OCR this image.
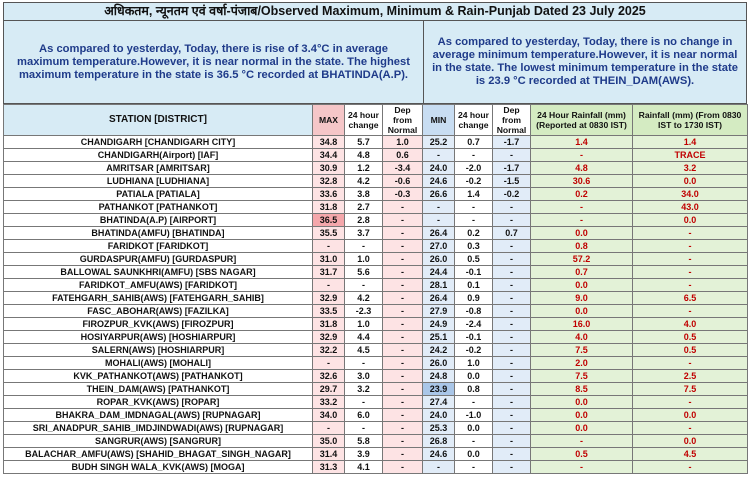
अधिकतम, न्यूनतम एवं वर्षा-पंजाब/Observed Maximum, Minimum & Rain-Punjab Dated 23 July 2025
As compared to yesterday, Today, there is rise of 3.4°C in average maximum temperature.However, it is near normal in the state. The highest maximum temperature in the state is 36.5 °C recorded at BHATINDA(A.P).
As compared to yesterday, Today, there is no change in average minimum temperature.However, it is near normal in the state. The lowest minimum temperature in the state is 23.9 °C recorded at THEIN_DAM(AWS).
STATION [DISTRICT]	MAX	24 hour change	Dep from Normal	MIN	24 hour change	Dep from Normal	24 Hour Rainfall (mm) (Reported at 0830 IST)	Rainfall (mm) (From 0830 IST to 1730 IST)
CHANDIGARH [CHANDIGARH CITY]	34.8	5.7	1.0	25.2	0.7	-1.7	1.4	1.4
CHANDIGARH(Airport) [IAF]	34.4	4.8	0.6	-	-	-	-	TRACE
AMRITSAR [AMRITSAR]	30.9	1.2	-3.4	24.0	-2.0	-1.7	4.8	3.2
LUDHIANA [LUDHIANA]	32.8	4.2	-0.6	24.6	-0.2	-1.5	30.6	0.0
PATIALA [PATIALA]	33.6	3.8	-0.3	26.6	1.4	-0.2	0.2	34.0
PATHANKOT [PATHANKOT]	31.8	2.7	-	-	-	-	-	43.0
BHATINDA(A.P) [AIRPORT]	36.5	2.8	-	-	-	-	-	0.0
BHATINDA(AMFU) [BHATINDA]	35.5	3.7	-	26.4	0.2	0.7	0.0	-
FARIDKOT [FARIDKOT]	-	-	-	27.0	0.3	-	0.8	-
GURDASPUR(AMFU) [GURDASPUR]	31.0	1.0	-	26.0	0.5	-	57.2	-
BALLOWAL SAUNKHRI(AMFU) [SBS NAGAR]	31.7	5.6	-	24.4	-0.1	-	0.7	-
FARIDKOT_AMFU(AWS) [FARIDKOT]	-	-	-	28.1	0.1	-	0.0	-
FATEHGARH_SAHIB(AWS) [FATEHGARH_SAHIB]	32.9	4.2	-	26.4	0.9	-	9.0	6.5
FASC_ABOHAR(AWS) [FAZILKA]	33.5	-2.3	-	27.9	-0.8	-	0.0	-
FIROZPUR_KVK(AWS) [FIROZPUR]	31.8	1.0	-	24.9	-2.4	-	16.0	4.0
HOSIYARPUR(AWS) [HOSHIARPUR]	32.9	4.4	-	25.1	-0.1	-	4.0	0.5
SALERN(AWS) [HOSHIARPUR]	32.2	4.5	-	24.2	-0.2	-	7.5	0.5
MOHALI(AWS) [MOHALI]	-	-	-	26.0	1.0	-	2.0	-
KVK_PATHANKOT(AWS) [PATHANKOT]	32.6	3.0	-	24.8	0.0	-	7.5	2.5
THEIN_DAM(AWS) [PATHANKOT]	29.7	3.2	-	23.9	0.8	-	8.5	7.5
ROPAR_KVK(AWS) [ROPAR]	33.2	-	-	27.4	-	-	0.0	-
BHAKRA_DAM_IMDNAGAL(AWS) [RUPNAGAR]	34.0	6.0	-	24.0	-1.0	-	0.0	0.0
SRI_ANADPUR_SAHIB_IMDJINDWADI(AWS) [RUPNAGAR]	-	-	-	25.3	0.0	-	0.0	-
SANGRUR(AWS) [SANGRUR]	35.0	5.8	-	26.8	-	-	-	0.0
BALACHAR_AMFU(AWS) [SHAHID_BHAGAT_SINGH_NAGAR]	31.4	3.9	-	24.6	0.0	-	0.5	4.5
BUDH SINGH WALA_KVK(AWS) [MOGA]	31.3	4.1	-	-	-	-	-	-
